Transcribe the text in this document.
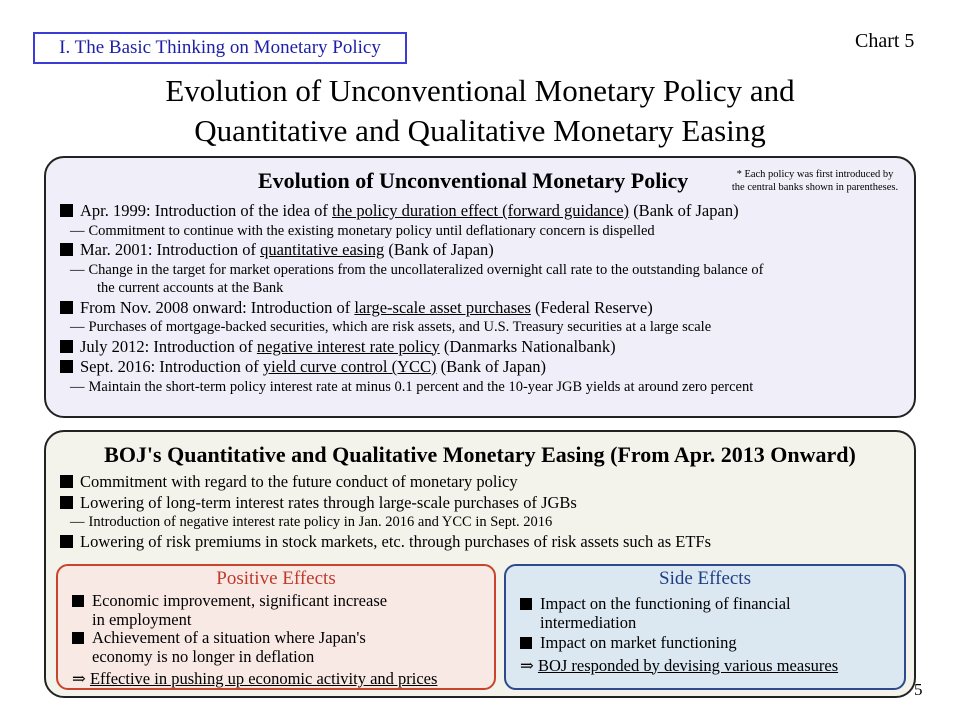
I. The Basic Thinking on Monetary Policy	Chart 5
Evolution of Unconventional Monetary Policy and
Quantitative and Qualitative Monetary Easing
Evolution of Unconventional Monetary Policy	* Each policy was first introduced by
the central banks shown in parentheses.
Apr. 1999: Introduction of the idea of the policy duration effect (forward guidance) (Bank of Japan)
— Commitment to continue with the existing monetary policy until deflationary concern is dispelled
Mar. 2001: Introduction of quantitative easing (Bank of Japan)
— Change in the target for market operations from the uncollateralized overnight call rate to the outstanding balance of
the current accounts at the Bank
From Nov. 2008 onward: Introduction of large-scale asset purchases (Federal Reserve)
— Purchases of mortgage-backed securities, which are risk assets, and U.S. Treasury securities at a large scale
July 2012: Introduction of negative interest rate policy (Danmarks Nationalbank)
Sept. 2016: Introduction of yield curve control (YCC) (Bank of Japan)
— Maintain the short-term policy interest rate at minus 0.1 percent and the 10-year JGB yields at around zero percent
BOJ's Quantitative and Qualitative Monetary Easing (From Apr. 2013 Onward)
Commitment with regard to the future conduct of monetary policy
Lowering of long-term interest rates through large-scale purchases of JGBs
— Introduction of negative interest rate policy in Jan. 2016 and YCC in Sept. 2016
Lowering of risk premiums in stock markets, etc. through purchases of risk assets such as ETFs
Positive Effects
Economic improvement, significant increase
in employment
Achievement of a situation where Japan's
economy is no longer in deflation
⇒ Effective in pushing up economic activity and prices
Side Effects
Impact on the functioning of financial
intermediation
Impact on market functioning
⇒ BOJ responded by devising various measures
5
